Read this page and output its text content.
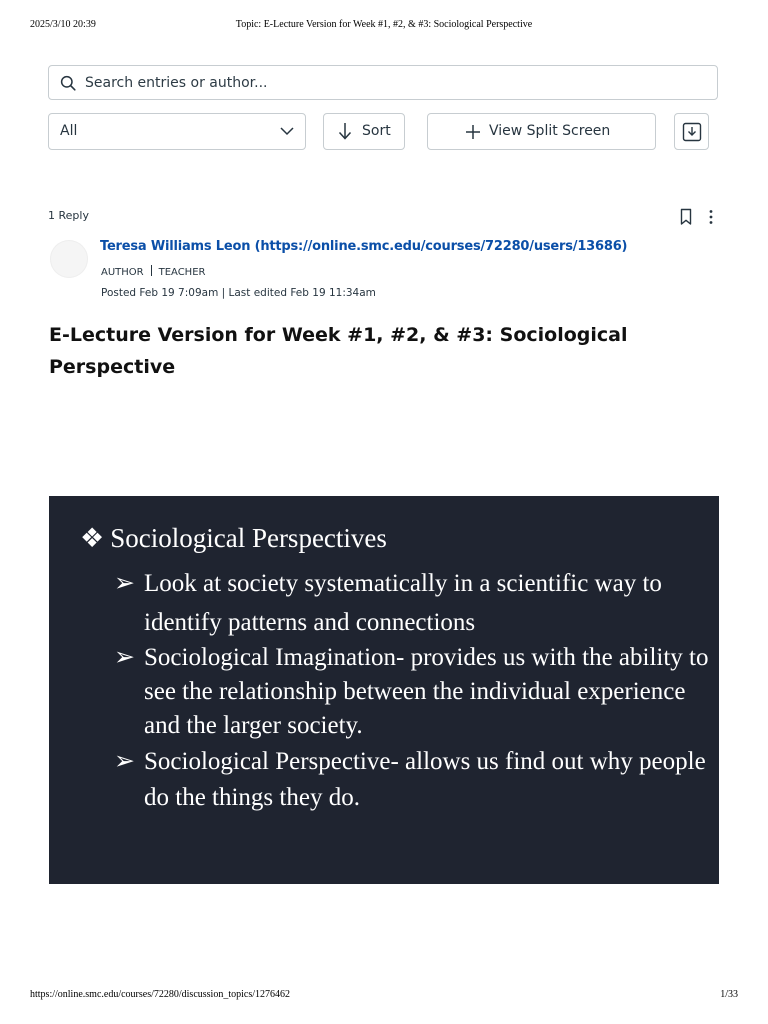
2025/3/10 20:39	Topic: E-Lecture Version for Week #1, #2, & #3: Sociological Perspective
Search entries or author...
All	Sort	View Split Screen
1 Reply
Teresa Williams Leon (https://online.smc.edu/courses/72280/users/13686)
AUTHOR TEACHER
Posted Feb 19 7:09am | Last edited Feb 19 11:34am
E-Lecture Version for Week #1, #2, & #3: Sociological Perspective
❖ Sociological Perspectives
➢ Look at society systematically in a scientific way to identify patterns and connections
➢ Sociological Imagination- provides us with the ability to see the relationship between the individual experience and the larger society.
➢ Sociological Perspective- allows us find out why people do the things they do.
https://online.smc.edu/courses/72280/discussion_topics/1276462	1/33
